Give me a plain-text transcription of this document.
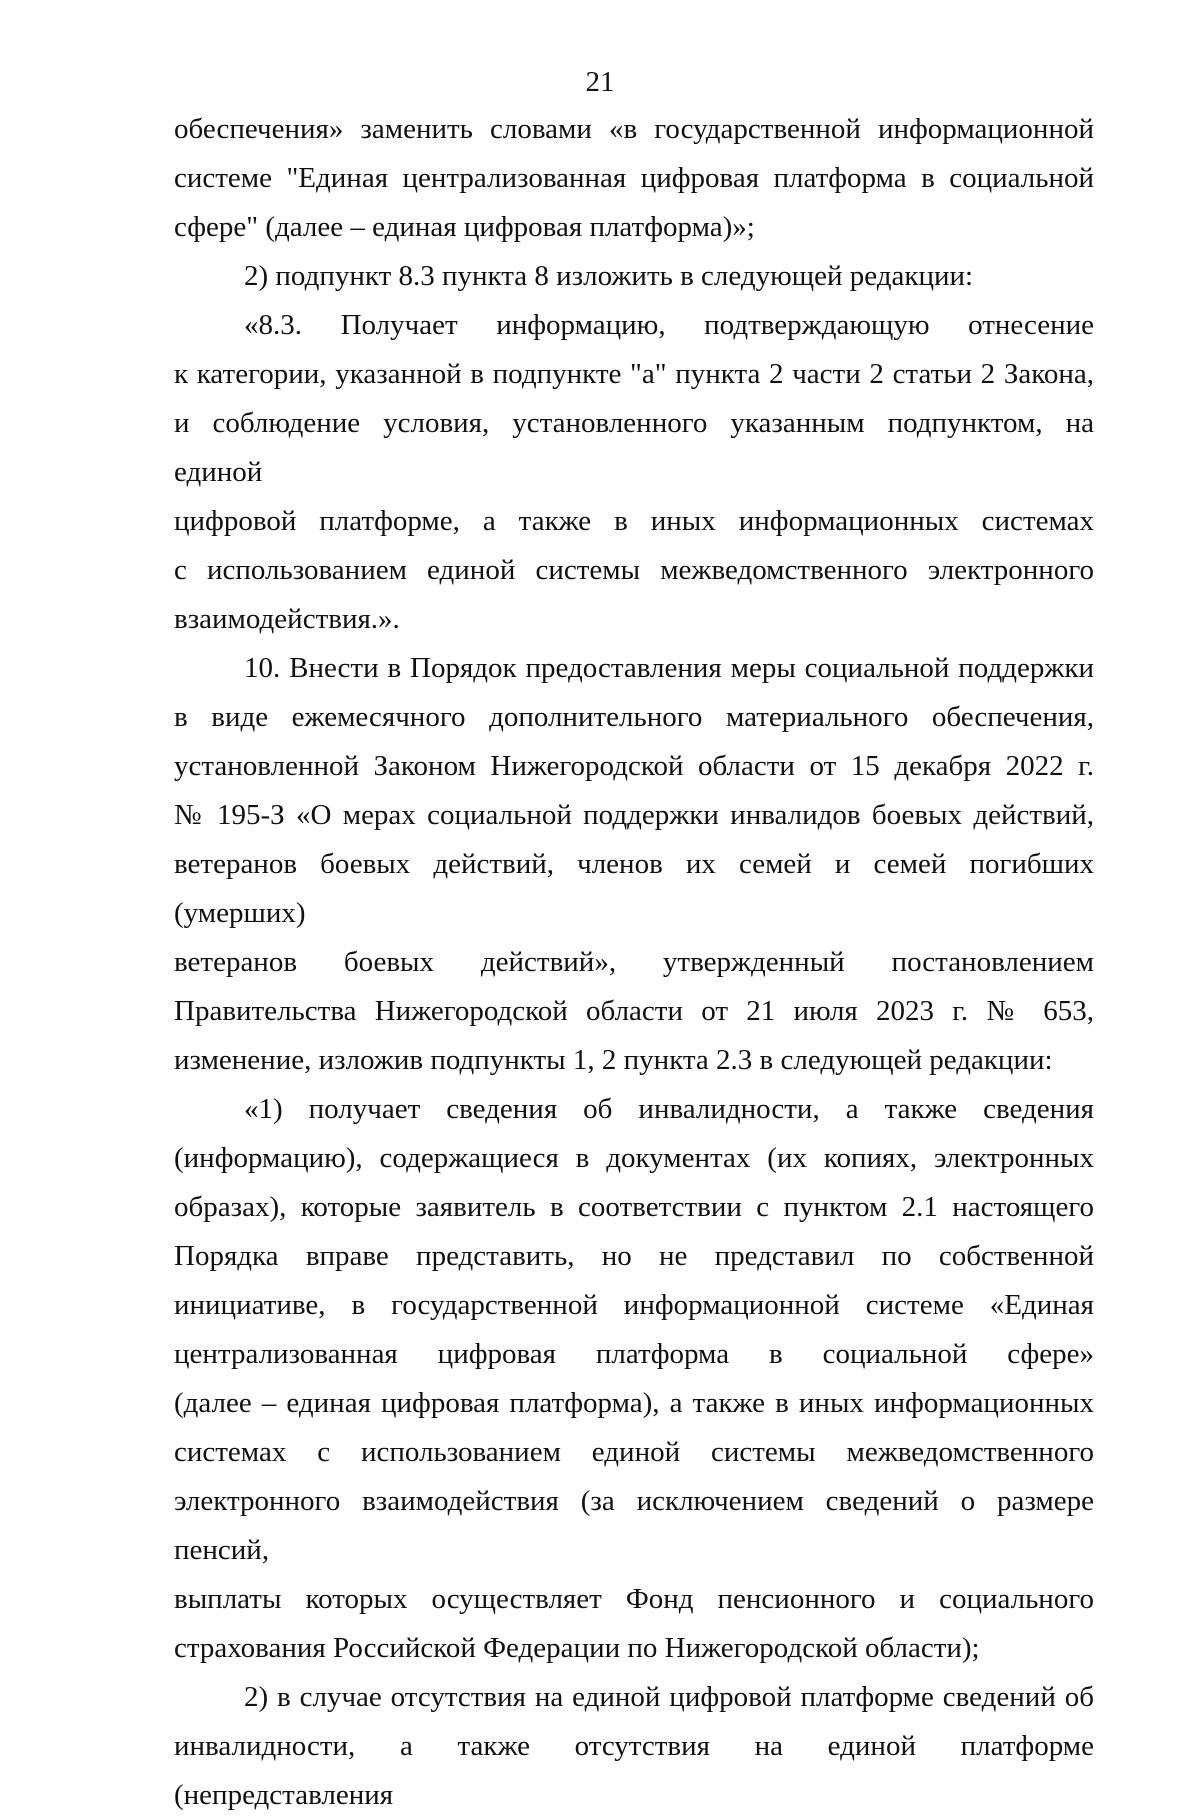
21
обеспечения» заменить словами «в государственной информационной
системе "Единая централизованная цифровая платформа в социальной
сфере" (далее – единая цифровая платформа)»;
2) подпункт 8.3 пункта 8 изложить в следующей редакции:
«8.3. Получает информацию, подтверждающую отнесение
к категории, указанной в подпункте "а" пункта 2 части 2 статьи 2 Закона,
и соблюдение условия, установленного указанным подпунктом, на единой
цифровой платформе, а также в иных информационных системах
с использованием единой системы межведомственного электронного
взаимодействия.».
10. Внести в Порядок предоставления меры социальной поддержки
в виде ежемесячного дополнительного материального обеспечения,
установленной Законом Нижегородской области от 15 декабря 2022 г.
№ 195-З «О мерах социальной поддержки инвалидов боевых действий,
ветеранов боевых действий, членов их семей и семей погибших (умерших)
ветеранов боевых действий», утвержденный постановлением
Правительства Нижегородской области от 21 июля 2023 г. № 653,
изменение, изложив подпункты 1, 2 пункта 2.3 в следующей редакции:
«1) получает сведения об инвалидности, а также сведения
(информацию), содержащиеся в документах (их копиях, электронных
образах), которые заявитель в соответствии с пунктом 2.1 настоящего
Порядка вправе представить, но не представил по собственной
инициативе, в государственной информационной системе «Единая
централизованная цифровая платформа в социальной сфере»
(далее – единая цифровая платформа), а также в иных информационных
системах с использованием единой системы межведомственного
электронного взаимодействия (за исключением сведений о размере пенсий,
выплаты которых осуществляет Фонд пенсионного и социального
страхования Российской Федерации по Нижегородской области);
2) в случае отсутствия на единой цифровой платформе сведений об
инвалидности, а также отсутствия на единой платформе (непредставления
